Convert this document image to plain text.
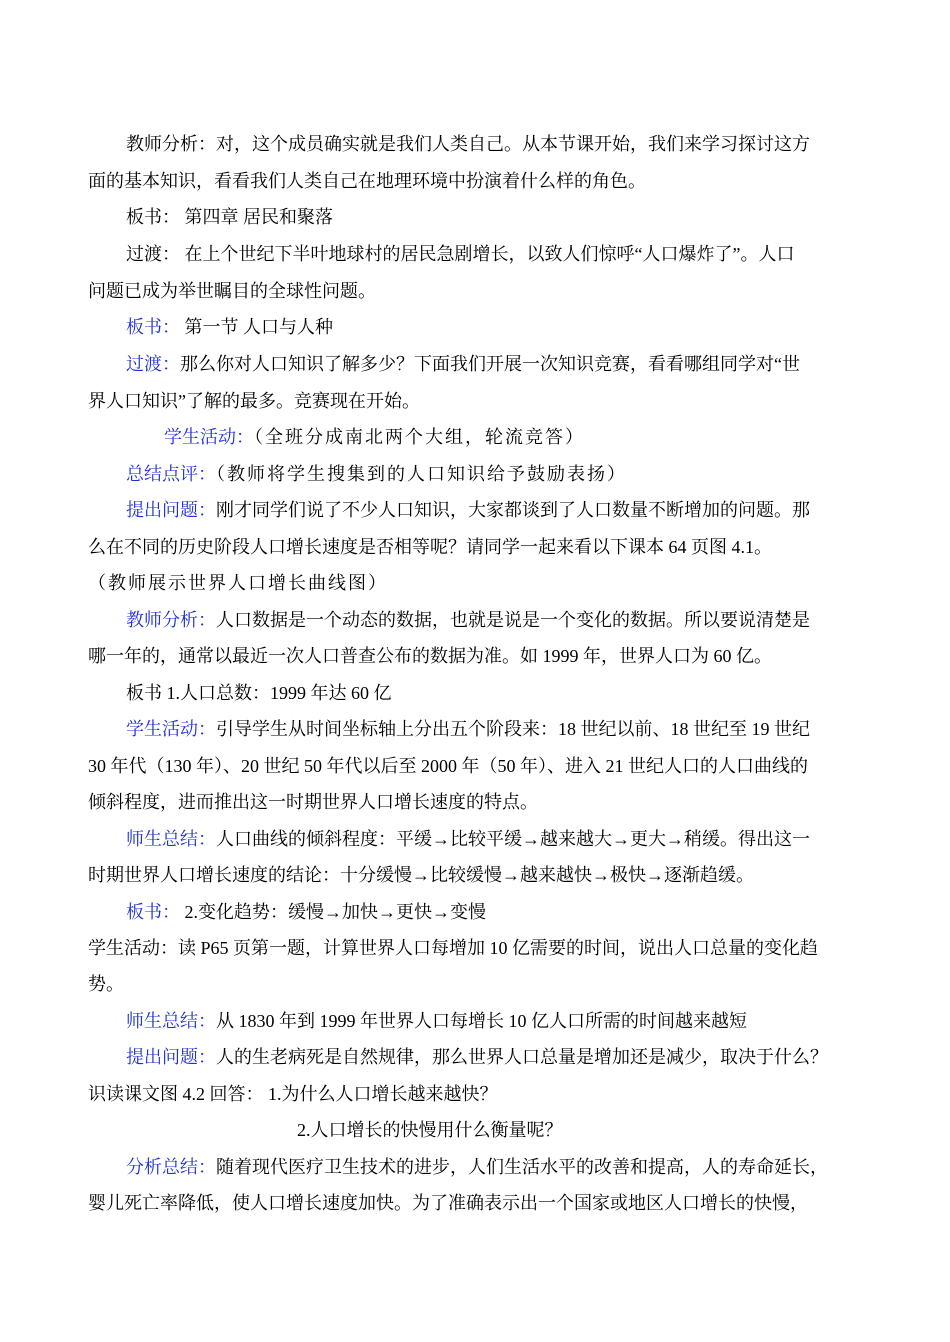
教师分析：对，这个成员确实就是我们人类自己。从本节课开始，我们来学习探讨这方
面的基本知识，看看我们人类自己在地理环境中扮演着什么样的角色。
板书： 第四章 居民和聚落
过渡： 在上个世纪下半叶地球村的居民急剧增长，以致人们惊呼“人口爆炸了”。人口
问题已成为举世瞩目的全球性问题。
板书： 第一节 人口与人种
过渡：那么你对人口知识了解多少？下面我们开展一次知识竞赛，看看哪组同学对“世
界人口知识”了解的最多。竞赛现在开始。
学生活动：（全班分成南北两个大组，轮流竞答）
总结点评：（教师将学生搜集到的人口知识给予鼓励表扬）
提出问题：刚才同学们说了不少人口知识，大家都谈到了人口数量不断增加的问题。那
么在不同的历史阶段人口增长速度是否相等呢？请同学一起来看以下课本 64 页图 4.1。
（教师展示世界人口增长曲线图）
教师分析：人口数据是一个动态的数据，也就是说是一个变化的数据。所以要说清楚是
哪一年的，通常以最近一次人口普查公布的数据为准。如 1999 年，世界人口为 60 亿。
板书 1.人口总数：1999 年达 60 亿
学生活动：引导学生从时间坐标轴上分出五个阶段来：18 世纪以前、18 世纪至 19 世纪
30 年代（130 年）、20 世纪 50 年代以后至 2000 年（50 年）、进入 21 世纪人口的人口曲线的
倾斜程度，进而推出这一时期世界人口增长速度的特点。
师生总结：人口曲线的倾斜程度：平缓→比较平缓→越来越大→更大→稍缓。得出这一
时期世界人口增长速度的结论：十分缓慢→比较缓慢→越来越快→极快→逐渐趋缓。
板书： 2.变化趋势：缓慢→加快→更快→变慢
学生活动：读 P65 页第一题，计算世界人口每增加 10 亿需要的时间，说出人口总量的变化趋
势。
师生总结：从 1830 年到 1999 年世界人口每增长 10 亿人口所需的时间越来越短
提出问题：人的生老病死是自然规律，那么世界人口总量是增加还是减少，取决于什么？
识读课文图 4.2 回答： 1.为什么人口增长越来越快？
2.人口增长的快慢用什么衡量呢？
分析总结：随着现代医疗卫生技术的进步，人们生活水平的改善和提高，人的寿命延长，
婴儿死亡率降低，使人口增长速度加快。为了准确表示出一个国家或地区人口增长的快慢，
